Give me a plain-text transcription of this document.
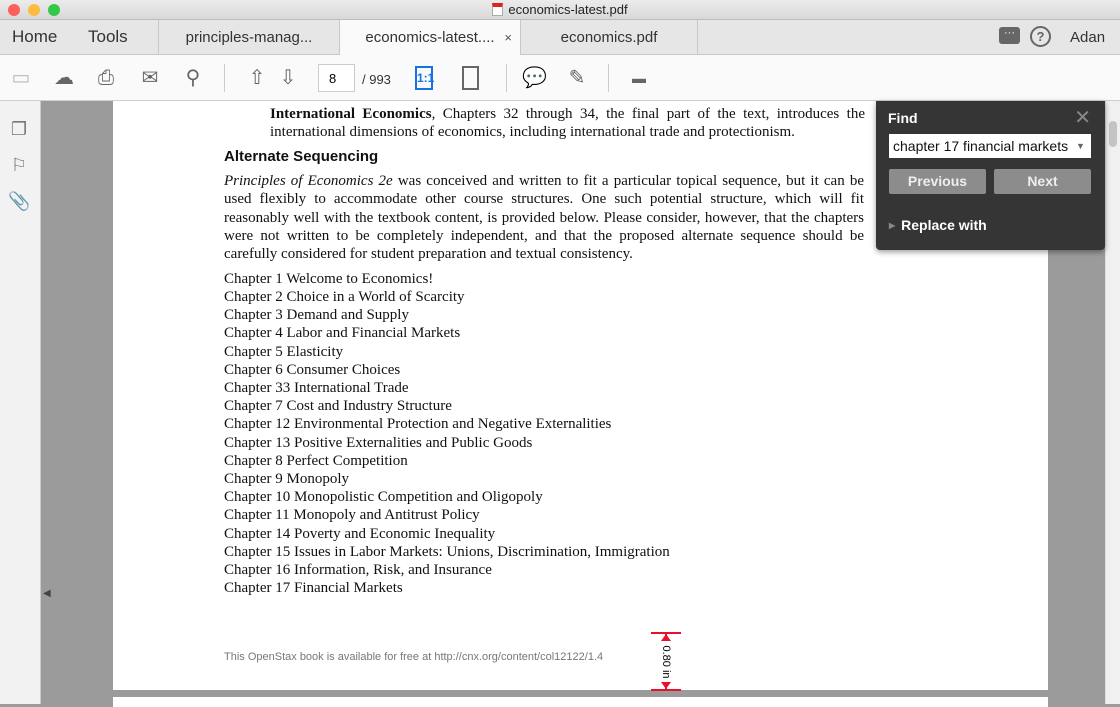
economics-latest.pdf
Home Tools	principles-manag...	economics-latest.... ×	economics.pdf	···	?	Adan
▭ ☁ ⎙ ✉ ⚲ ⇧ ⇩	8	/ 993 1:1	💬 ✎	▬
❐
⚐
📎
◀
International Economics, Chapters 32 through 34, the final part of the text, introduces the international dimensions of economics, including international trade and protectionism.
Alternate Sequencing
Principles of Economics 2e was conceived and written to fit a particular topical sequence, but it can be used flexibly to accommodate other course structures. One such potential structure, which will fit reasonably well with the textbook content, is provided below. Please consider, however, that the chapters were not written to be completely independent, and that the proposed alternate sequence should be carefully considered for student preparation and textual consistency.
Chapter 1 Welcome to Economics!
Chapter 2 Choice in a World of Scarcity
Chapter 3 Demand and Supply
Chapter 4 Labor and Financial Markets
Chapter 5 Elasticity
Chapter 6 Consumer Choices
Chapter 33 International Trade
Chapter 7 Cost and Industry Structure
Chapter 12 Environmental Protection and Negative Externalities
Chapter 13 Positive Externalities and Public Goods
Chapter 8 Perfect Competition
Chapter 9 Monopoly
Chapter 10 Monopolistic Competition and Oligopoly
Chapter 11 Monopoly and Antitrust Policy
Chapter 14 Poverty and Economic Inequality
Chapter 15 Issues in Labor Markets: Unions, Discrimination, Immigration
Chapter 16 Information, Risk, and Insurance
Chapter 17 Financial Markets
This OpenStax book is available for free at http://cnx.org/content/col12122/1.4	0.80 in
Find	✕
chapter 17 financial markets
▼
Previous	Next
▶ Replace with
